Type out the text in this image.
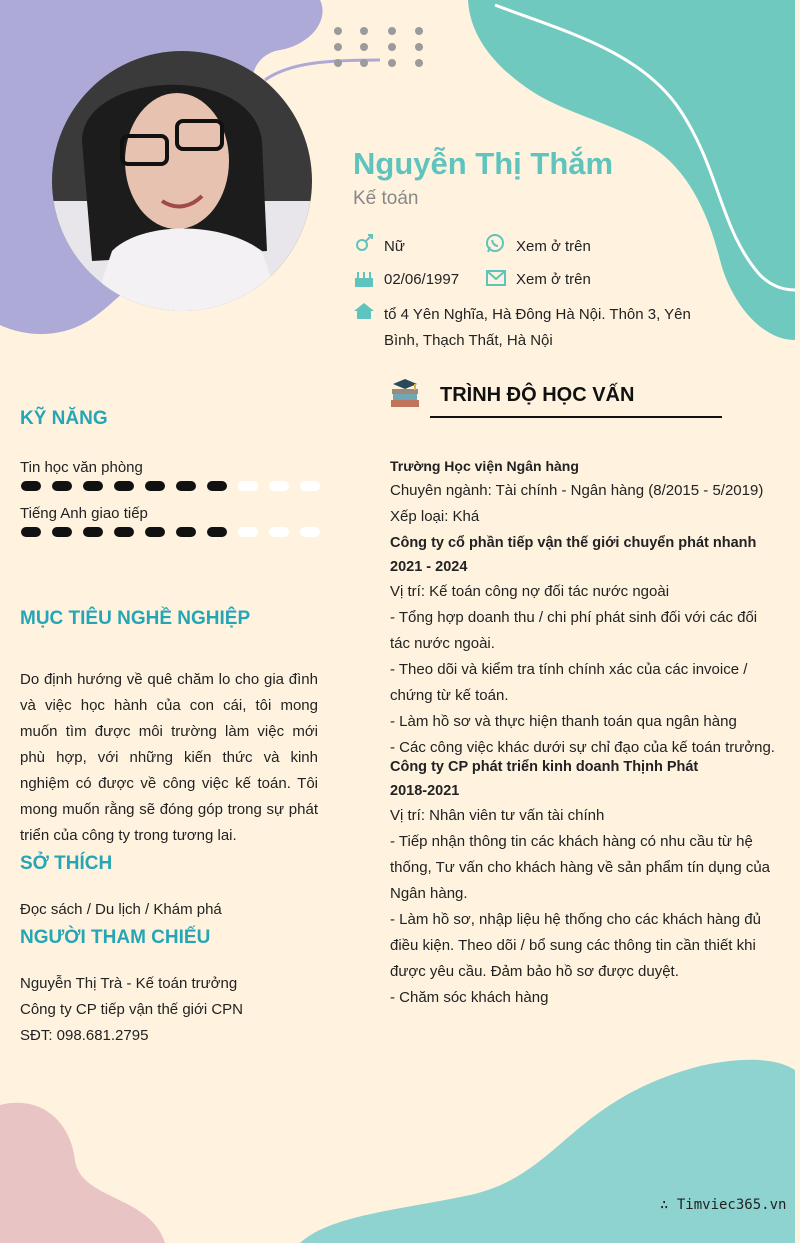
Nguyễn Thị Thắm
Kế toán
Nữ	Xem ở trên
02/06/1997	Xem ở trên
tổ 4 Yên Nghĩa, Hà Đông Hà Nội. Thôn 3, Yên Bình, Thạch Thất, Hà Nội
KỸ NĂNG
Tin học văn phòng
Tiếng Anh giao tiếp
MỤC TIÊU NGHỀ NGHIỆP
Do định hướng về quê chăm lo cho gia đình và việc học hành của con cái, tôi mong muốn tìm được môi trường làm việc mới phù hợp, với những kiến thức và kinh nghiệm có được về công việc kế toán. Tôi mong muốn rằng sẽ đóng góp trong sự phát triển của công ty trong tương lai.
SỞ THÍCH
Đọc sách / Du lịch / Khám phá
NGƯỜI THAM CHIẾU
Nguyễn Thị Trà - Kế toán trưởng
Công ty CP tiếp vận thế giới CPN
SĐT: 098.681.2795
TRÌNH ĐỘ HỌC VẤN
Trường Học viện Ngân hàng
Chuyên ngành: Tài chính - Ngân hàng (8/2015 - 5/2019)
Xếp loại: Khá
Công ty cổ phần tiếp vận thế giới chuyển phát nhanh
2021 - 2024
Vị trí: Kế toán công nợ đối tác nước ngoài
- Tổng hợp doanh thu / chi phí phát sinh đối với các đối tác nước ngoài.
- Theo dõi và kiểm tra tính chính xác của các invoice / chứng từ kế toán.
- Làm hồ sơ và thực hiện thanh toán qua ngân hàng
- Các công việc khác dưới sự chỉ đạo của kế toán trưởng.
Công ty CP phát triển kinh doanh Thịnh Phát
2018-2021
Vị trí: Nhân viên tư vấn tài chính
- Tiếp nhận thông tin các khách hàng có nhu cầu từ hệ thống, Tư vấn cho khách hàng về sản phẩm tín dụng của Ngân hàng.
- Làm hồ sơ, nhập liệu hệ thống cho các khách hàng đủ điều kiện. Theo dõi / bổ sung các thông tin cần thiết khi được yêu cầu. Đảm bảo hồ sơ được duyệt.
- Chăm sóc khách hàng
∴ Timviec365.vn
